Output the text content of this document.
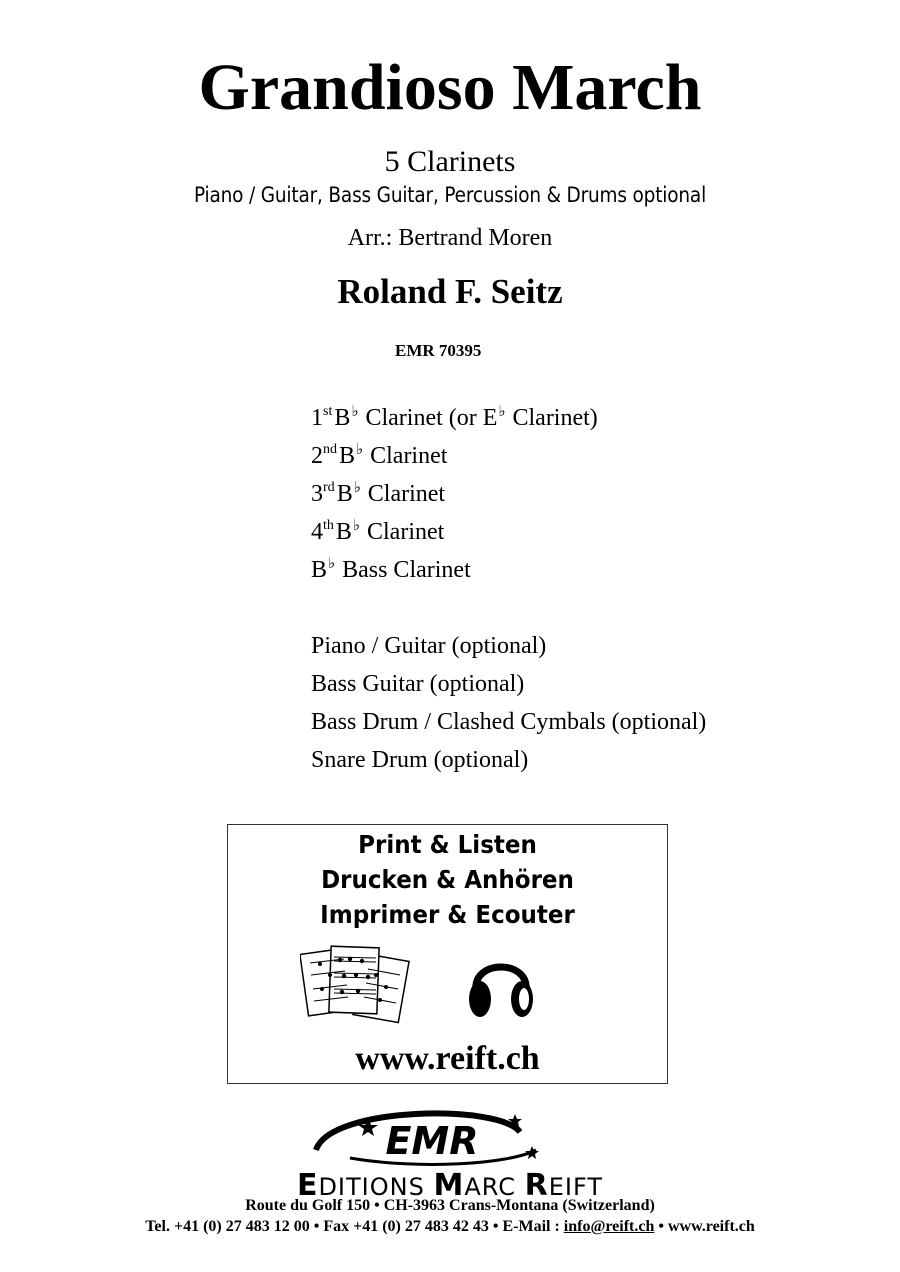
Grandioso March
5 Clarinets
Piano / Guitar, Bass Guitar, Percussion & Drums optional
Arr.: Bertrand Moren
Roland F. Seitz
EMR 70395
1st B♭ Clarinet (or E♭ Clarinet)
2nd B♭ Clarinet
3rd B♭ Clarinet
4th B♭ Clarinet
B♭ Bass Clarinet
Piano / Guitar (optional)
Bass Guitar (optional)
Bass Drum / Clashed Cymbals (optional)
Snare Drum (optional)
Print & Listen
Drucken & Anhören
Imprimer & Ecouter
www.reift.ch
EMR
EDITIONS MARC REIFT
Route du Golf 150 • CH-3963 Crans-Montana (Switzerland)
Tel. +41 (0) 27 483 12 00 • Fax +41 (0) 27 483 42 43 • E-Mail : info@reift.ch • www.reift.ch
